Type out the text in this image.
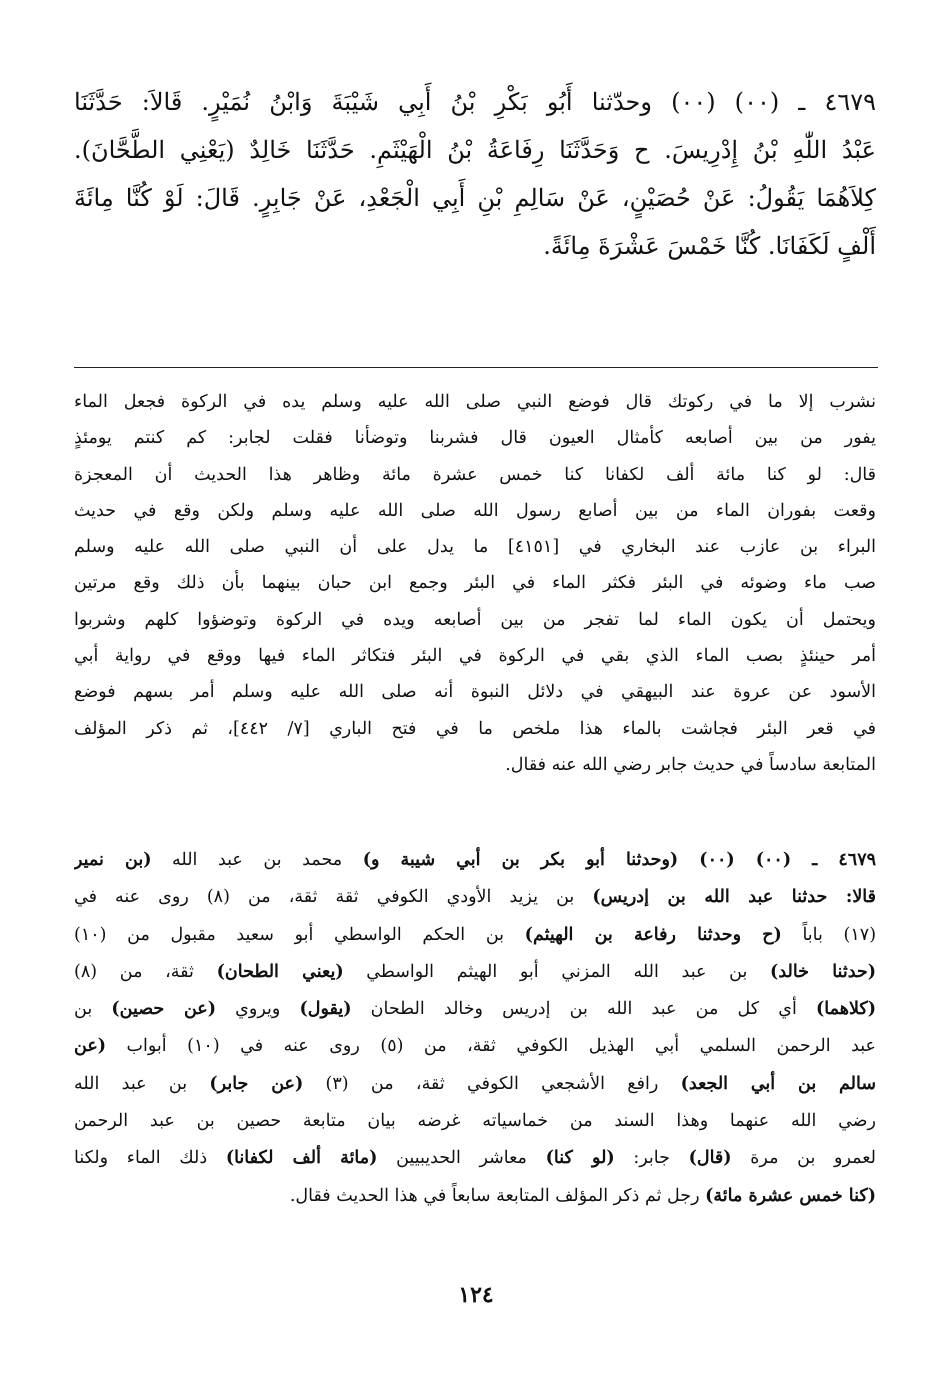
٤٦٧٩ ـ (٠٠) (٠٠) وحدّثنا أَبُو بَكْرِ بْنُ أَبِي شَيْبَةَ وَابْنُ نُمَيْرٍ. قَالاَ: حَدَّثَنَا
عَبْدُ اللّٰهِ بْنُ إِدْرِيسَ. ح وَحَدَّثَنَا رِفَاعَةُ بْنُ الْهَيْثَمِ. حَدَّثَنَا خَالِدٌ (يَعْنِي الطَّحَّانَ).
كِلاَهُمَا يَقُولُ: عَنْ حُصَيْنٍ، عَنْ سَالِمِ بْنِ أَبِي الْجَعْدِ، عَنْ جَابِرٍ. قَالَ: لَوْ كُنَّا مِائَةَ
أَلْفٍ لَكَفَانَا. كُنَّا خَمْسَ عَشْرَةَ مِائَةً.
نشرب إلا ما في ركوتك قال فوضع النبي صلى الله عليه وسلم يده في الركوة فجعل الماء
يفور من بين أصابعه كأمثال العيون قال فشربنا وتوضأنا فقلت لجابر: كم كنتم يومئذٍ
قال: لو كنا مائة ألف لكفانا كنا خمس عشرة مائة وظاهر هذا الحديث أن المعجزة
وقعت بفوران الماء من بين أصابع رسول الله صلى الله عليه وسلم ولكن وقع في حديث
البراء بن عازب عند البخاري في [٤١٥١] ما يدل على أن النبي صلى الله عليه وسلم
صب ماء وضوئه في البئر فكثر الماء في البئر وجمع ابن حبان بينهما بأن ذلك وقع مرتين
ويحتمل أن يكون الماء لما تفجر من بين أصابعه ويده في الركوة وتوضؤوا كلهم وشربوا
أمر حينئذٍ بصب الماء الذي بقي في الركوة في البئر فتكاثر الماء فيها ووقع في رواية أبي
الأسود عن عروة عند البيهقي في دلائل النبوة أنه صلى الله عليه وسلم أمر بسهم فوضع
في قعر البئر فجاشت بالماء هذا ملخص ما في فتح الباري [٧/ ٤٤٢]، ثم ذكر المؤلف
المتابعة سادساً في حديث جابر رضي الله عنه فقال.
٤٦٧٩ ـ (٠٠) (٠٠) (وحدثنا أبو بكر بن أبي شيبة و) محمد بن عبد الله (بن نمير
قالا: حدثنا عبد الله بن إدريس) بن يزيد الأودي الكوفي ثقة ثقة، من (٨) روى عنه في
(١٧) باباً (ح وحدثنا رفاعة بن الهيثم) بن الحكم الواسطي أبو سعيد مقبول من (١٠)
(حدثنا خالد) بن عبد الله المزني أبو الهيثم الواسطي (يعني الطحان) ثقة، من (٨)
(كلاهما) أي كل من عبد الله بن إدريس وخالد الطحان (يقول) ويروي (عن حصين) بن
عبد الرحمن السلمي أبي الهذيل الكوفي ثقة، من (٥) روى عنه في (١٠) أبواب (عن
سالم بن أبي الجعد) رافع الأشجعي الكوفي ثقة، من (٣) (عن جابر) بن عبد الله
رضي الله عنهما وهذا السند من خماسياته غرضه بيان متابعة حصين بن عبد الرحمن
لعمرو بن مرة (قال) جابر: (لو كنا) معاشر الحديبيين (مائة ألف لكفانا) ذلك الماء ولكنا
(كنا خمس عشرة مائة) رجل ثم ذكر المؤلف المتابعة سابعاً في هذا الحديث فقال.
١٢٤
